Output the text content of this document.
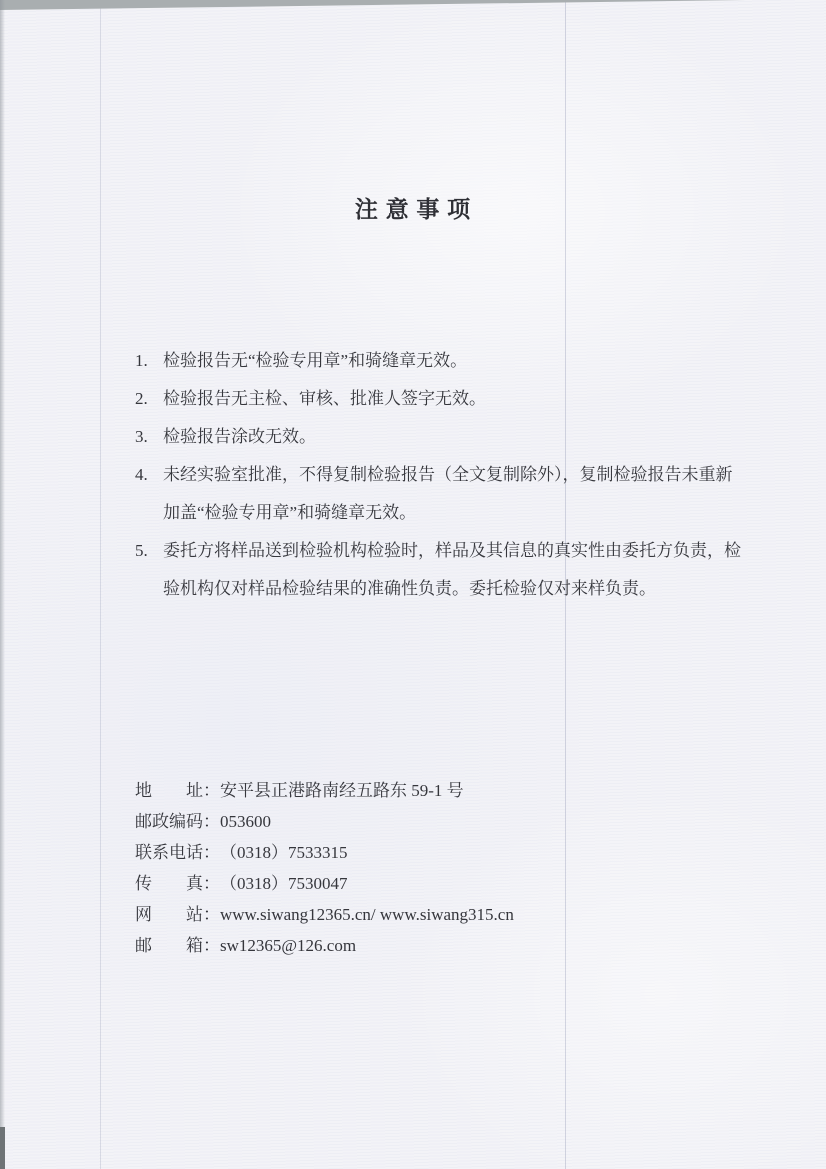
注 意 事 项
1. 检验报告无“检验专用章”和骑缝章无效。
2. 检验报告无主检、审核、批准人签字无效。
3. 检验报告涂改无效。
4. 未经实验室批准，不得复制检验报告（全文复制除外），复制检验报告未重新加盖“检验专用章”和骑缝章无效。
5. 委托方将样品送到检验机构检验时，样品及其信息的真实性由委托方负责，检验机构仅对样品检验结果的准确性负责。委托检验仅对来样负责。
地　　址：安平县正港路南经五路东 59-1 号
邮政编码：053600
联系电话：（0318）7533315
传　　真：（0318）7530047
网　　站：www.siwang12365.cn/ www.siwang315.cn
邮　　箱：sw12365@126.com
